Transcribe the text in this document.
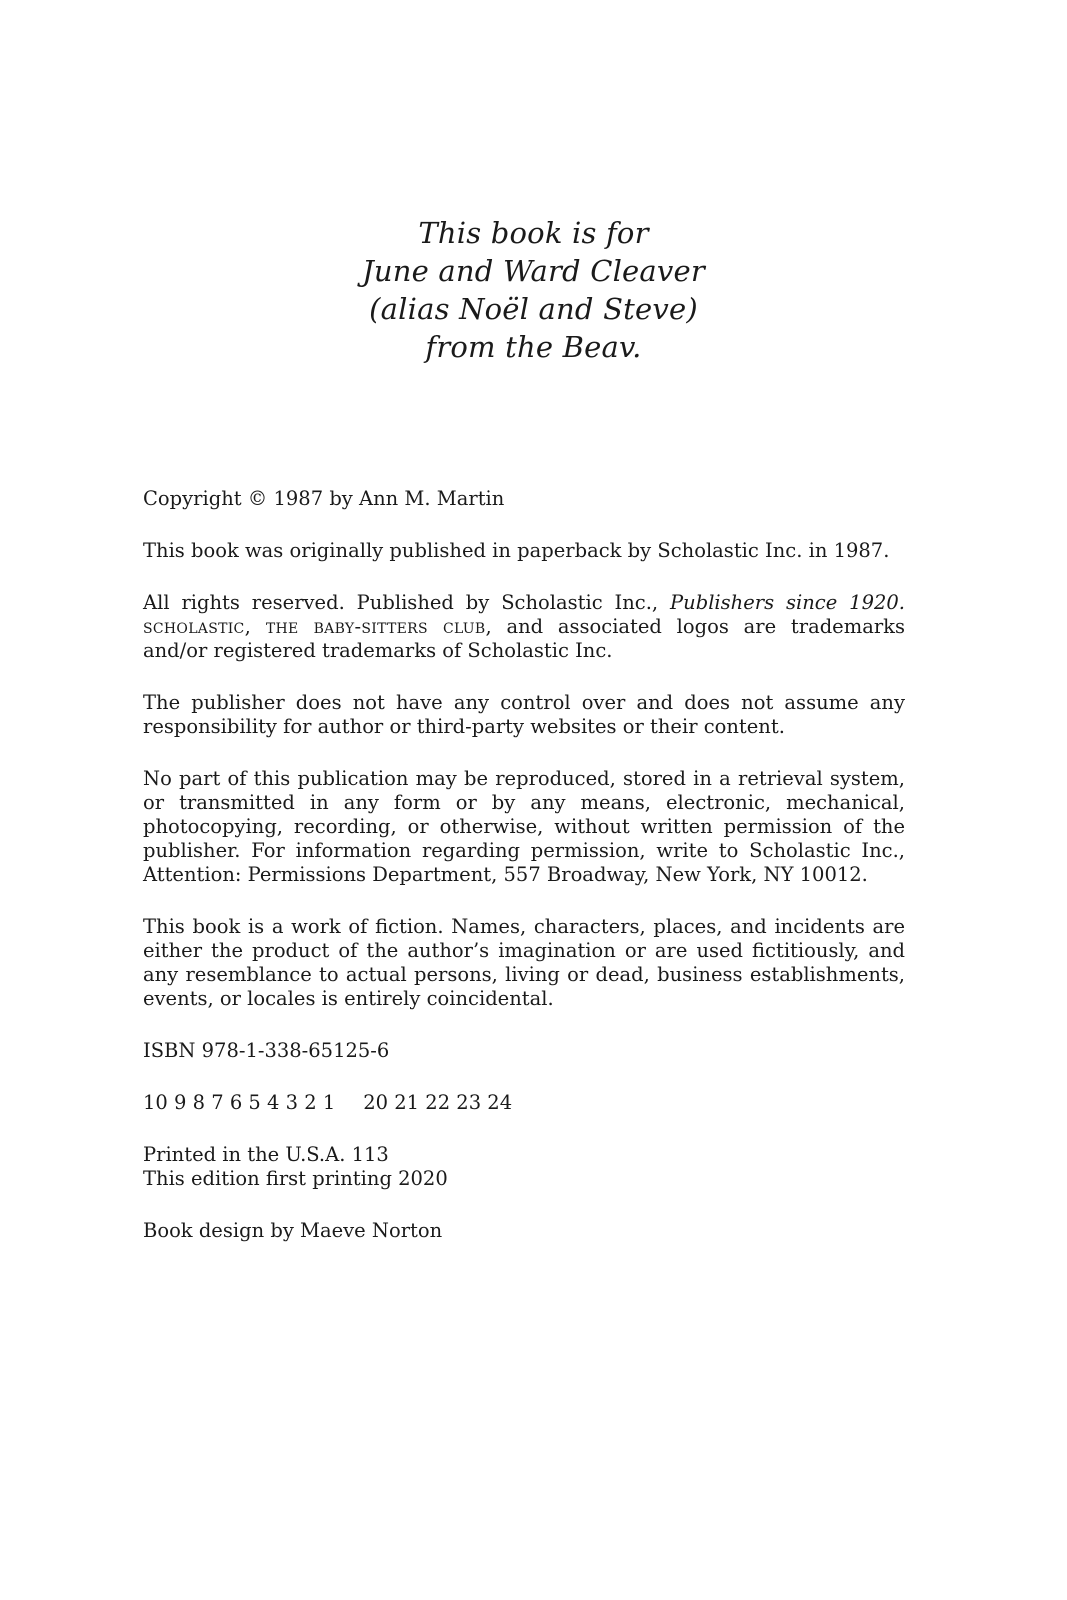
This book is for
June and Ward Cleaver
(alias Noël and Steve)
from the Beav.

Copyright © 1987 by Ann M. Martin

This book was originally published in paperback by Scholastic Inc. in 1987.

All rights reserved. Published by Scholastic Inc., Publishers since 1920. scholastic, the baby-sitters club, and associated logos are trademarks and/or registered trademarks of Scholastic Inc.

The publisher does not have any control over and does not assume any responsibility for author or third-party websites or their content.

No part of this publication may be reproduced, stored in a retrieval system, or transmitted in any form or by any means, electronic, mechanical, photocopying, recording, or otherwise, without written permission of the publisher. For information regarding permission, write to Scholastic Inc., Attention: Permissions Department, 557 Broadway, New York, NY 10012.

This book is a work of fiction. Names, characters, places, and incidents are either the product of the author’s imagination or are used fictitiously, and any resemblance to actual persons, living or dead, business establishments, events, or locales is entirely coincidental.

ISBN 978-1-338-65125-6

10 9 8 7 6 5 4 3 2 1 20 21 22 23 24

Printed in the U.S.A. 113
This edition first printing 2020

Book design by Maeve Norton
